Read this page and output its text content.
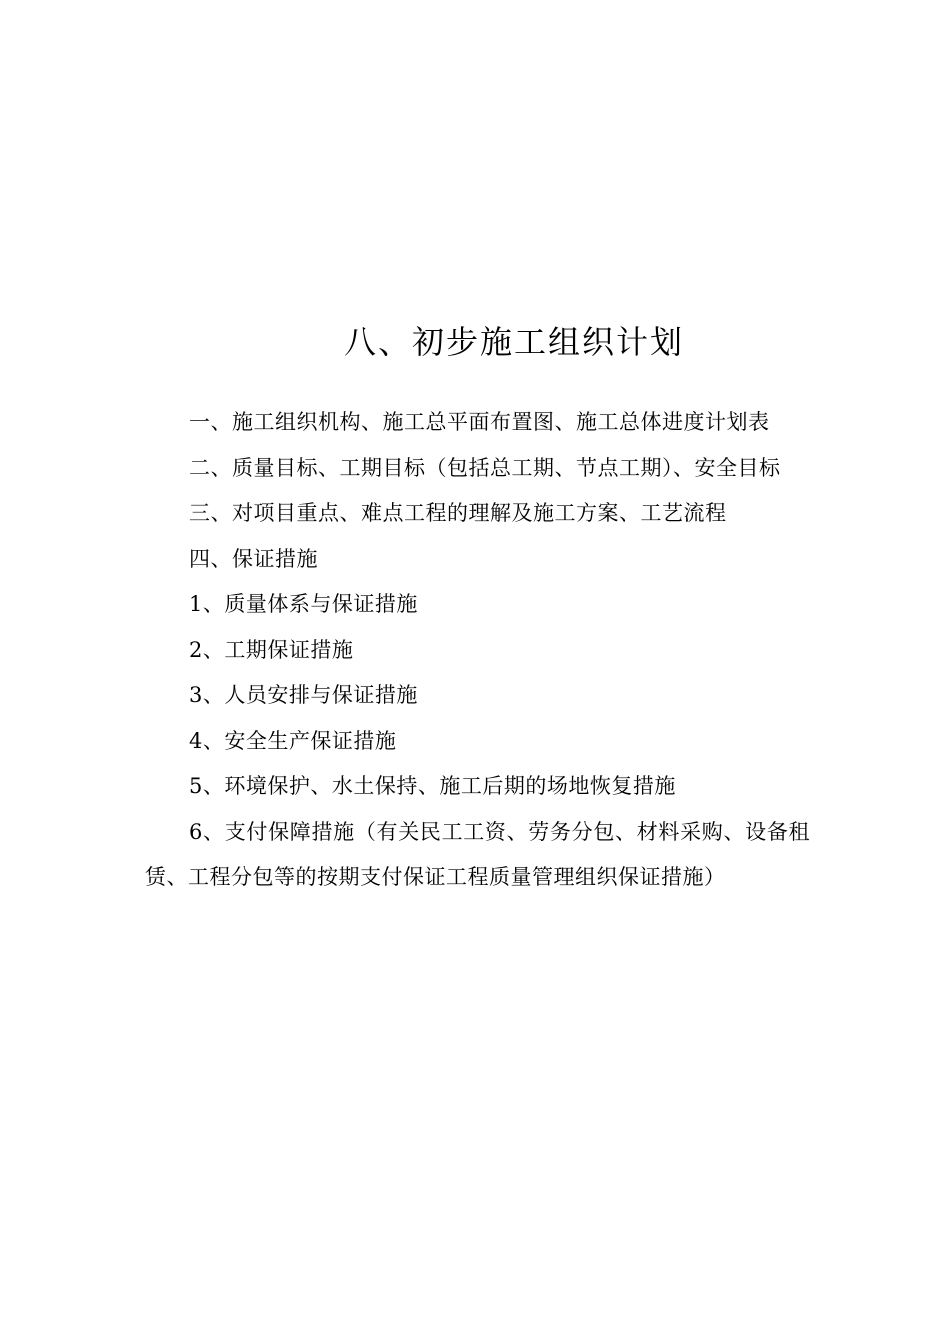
八、初步施工组织计划

一、施工组织机构、施工总平面布置图、施工总体进度计划表

二、质量目标、工期目标（包括总工期、节点工期）、安全目标

三、对项目重点、难点工程的理解及施工方案、工艺流程

四、保证措施

1、质量体系与保证措施

2、工期保证措施

3、人员安排与保证措施

4、安全生产保证措施

5、环境保护、水土保持、施工后期的场地恢复措施

6、支付保障措施（有关民工工资、劳务分包、材料采购、设备租赁、工程分包等的按期支付保证工程质量管理组织保证措施）
